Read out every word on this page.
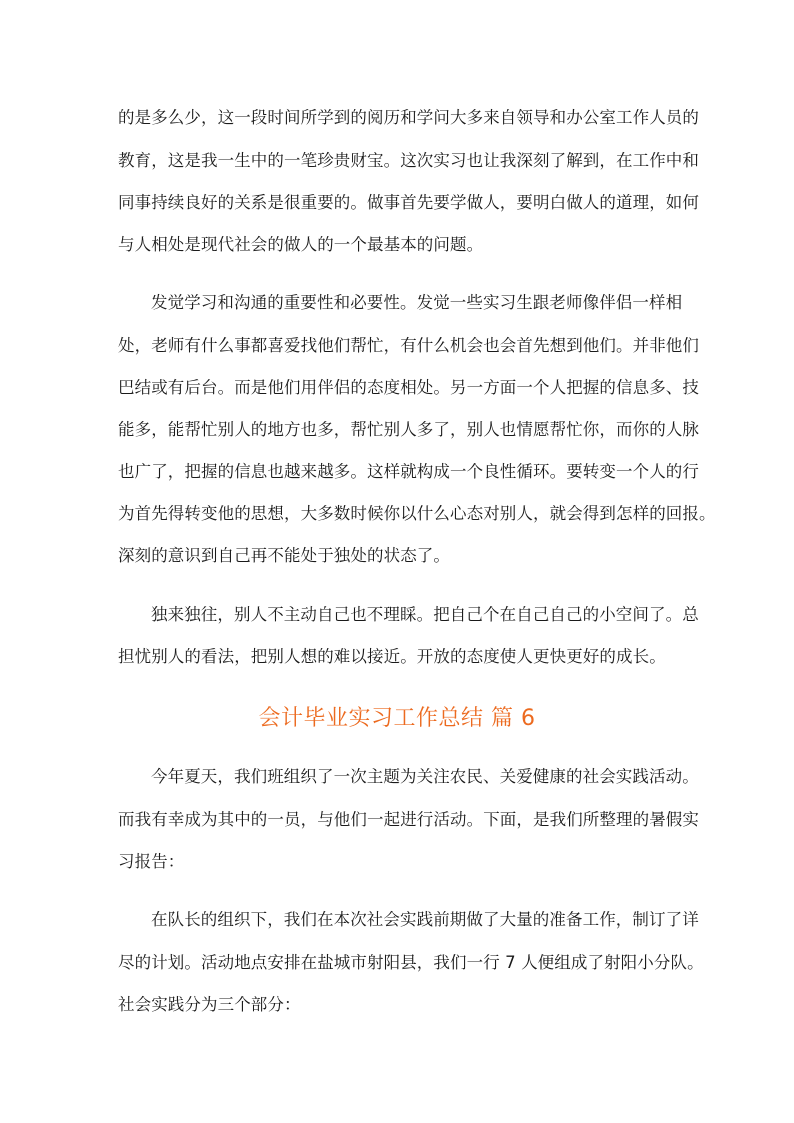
的是多么少，这一段时间所学到的阅历和学问大多来自领导和办公室工作人员的
教育，这是我一生中的一笔珍贵财宝。这次实习也让我深刻了解到，在工作中和
同事持续良好的关系是很重要的。做事首先要学做人，要明白做人的道理，如何
与人相处是现代社会的做人的一个最基本的问题。
发觉学习和沟通的重要性和必要性。发觉一些实习生跟老师像伴侣一样相
处，老师有什么事都喜爱找他们帮忙，有什么机会也会首先想到他们。并非他们
巴结或有后台。而是他们用伴侣的态度相处。另一方面一个人把握的信息多、技
能多，能帮忙别人的地方也多，帮忙别人多了，别人也情愿帮忙你，而你的人脉
也广了，把握的信息也越来越多。这样就构成一个良性循环。要转变一个人的行
为首先得转变他的思想，大多数时候你以什么心态对别人，就会得到怎样的回报。
深刻的意识到自己再不能处于独处的状态了。
独来独往，别人不主动自己也不理睬。把自己个在自己自己的小空间了。总
担忧别人的看法，把别人想的难以接近。开放的态度使人更快更好的成长。
会计毕业实习工作总结 篇 6
今年夏天，我们班组织了一次主题为关注农民、关爱健康的社会实践活动。
而我有幸成为其中的一员，与他们一起进行活动。下面，是我们所整理的暑假实
习报告：
在队长的组织下，我们在本次社会实践前期做了大量的准备工作，制订了详
尽的计划。活动地点安排在盐城市射阳县，我们一行 7 人便组成了射阳小分队。
社会实践分为三个部分：
